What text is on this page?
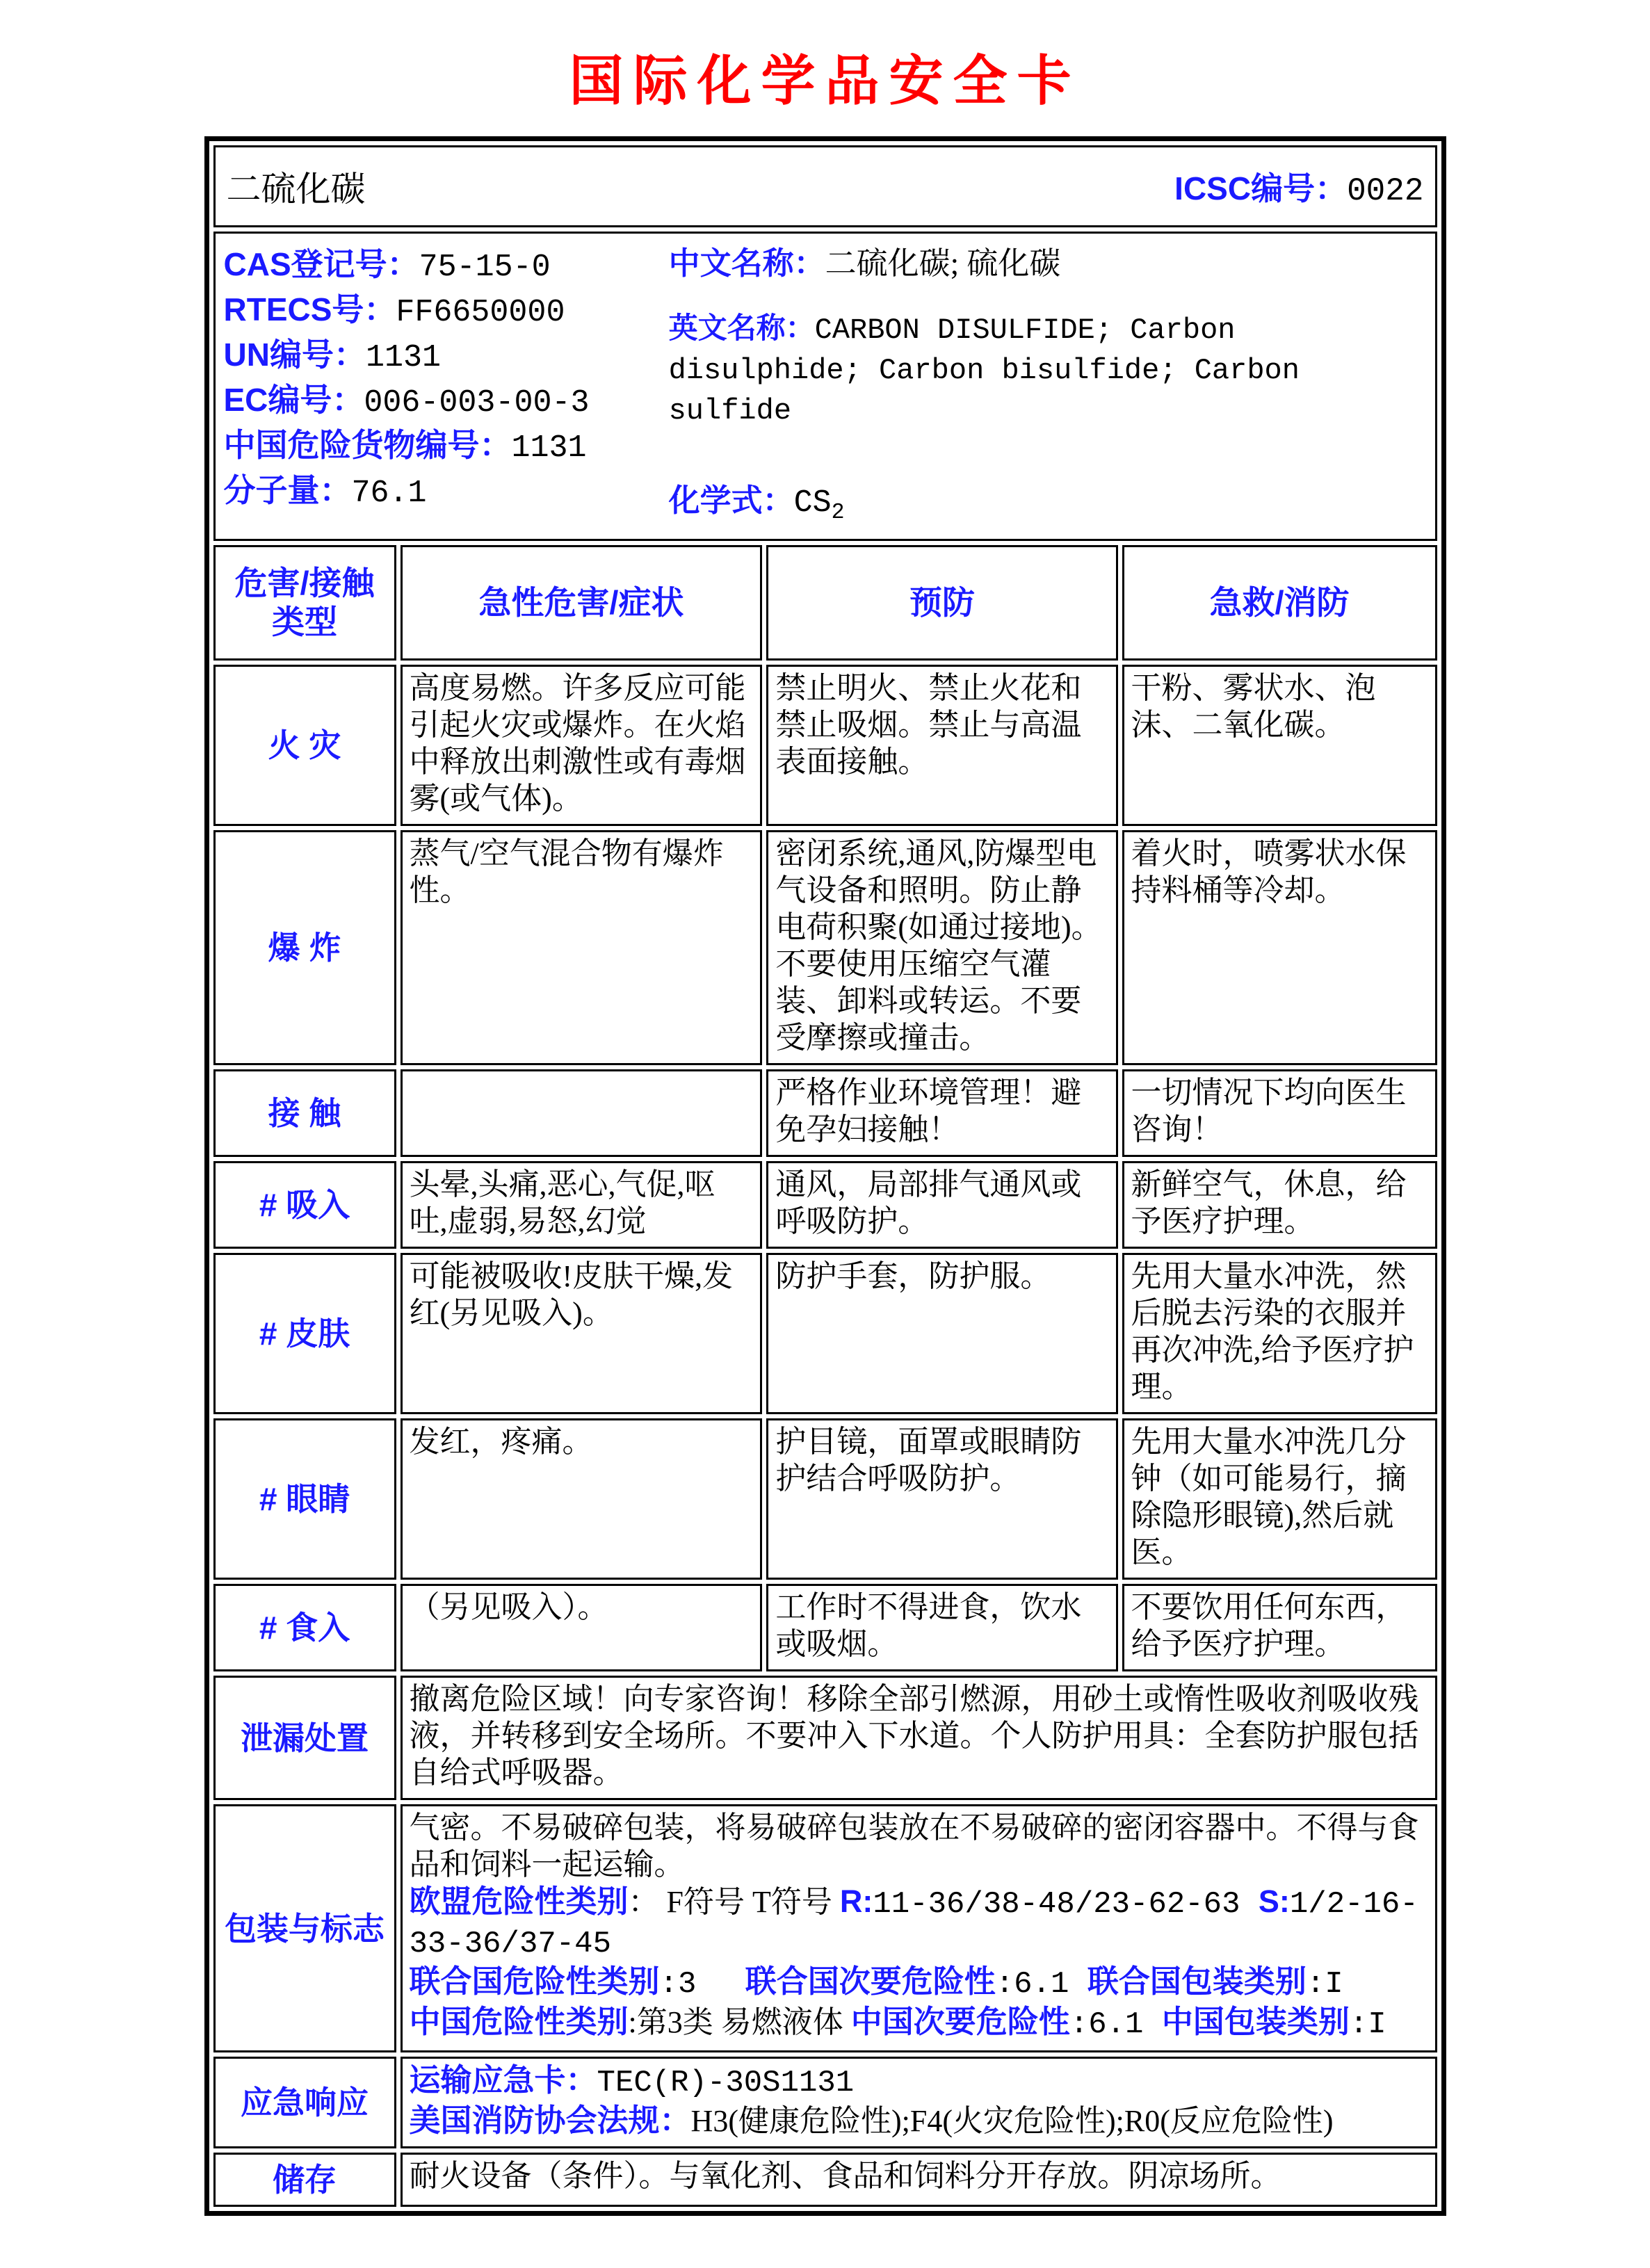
国际化学品安全卡
二硫化碳 ICSC编号：0022			

CAS登记号：75-15-0
RTECS号：FF6650000
UN编号：1131
EC编号：006-003-00-3
中国危险货物编号：1131
分子量：76.1
中文名称：二硫化碳; 硫化碳
英文名称：CARBON DISULFIDE; Carbon disulphide; Carbon bisulfide; Carbon sulfide
化学式：$CS_2$

危害/接触 类型	急性危害/症状	预防	急救/消防
火 灾	高度易燃。许多反应可能引起火灾或爆炸。在火焰中释放出刺激性或有毒烟雾(或气体)。	禁止明火、禁止火花和禁止吸烟。禁止与高温表面接触。	干粉、雾状水、泡沫、二氧化碳。
爆 炸	蒸气/空气混合物有爆炸性。	密闭系统,通风,防爆型电气设备和照明。防止静电荷积聚(如通过接地)。不要使用压缩空气灌装、卸料或转运。不要受摩擦或撞击。	着火时，喷雾状水保持料桶等冷却。
接 触		严格作业环境管理！避免孕妇接触！	一切情况下均向医生咨询！
# 吸入	头晕,头痛,恶心,气促,呕吐,虚弱,易怒,幻觉	通风，局部排气通风或呼吸防护。	新鲜空气，休息，给予医疗护理。
# 皮肤	可能被吸收!皮肤干燥,发红(另见吸入)。	防护手套，防护服。	先用大量水冲洗，然后脱去污染的衣服并再次冲洗,给予医疗护理。
# 眼睛	发红，疼痛。	护目镜，面罩或眼睛防护结合呼吸防护。	先用大量水冲洗几分钟（如可能易行，摘除隐形眼镜),然后就医。
# 食入	（另见吸入）。	工作时不得进食，饮水或吸烟。	不要饮用任何东西，给予医疗护理。
泄漏处置	撤离危险区域！向专家咨询！移除全部引燃源，用砂土或惰性吸收剂吸收残液，并转移到安全场所。不要冲入下水道。个人防护用具：全套防护服包括自给式呼吸器。		

包装与标志	气密。不易破碎包装，将易破碎包装放在不易破碎的密闭容器中。不得与食品和饲料一起运输。
欧盟危险性类别： F符号 T符号 R:11-36/38-48/23-62-63 S:1/2-16-33-36/37-45
联合国危险性类别:3　 联合国次要危险性:6.1 联合国包装类别:I
中国危险性类别:第3类 易燃液体 中国次要危险性:6.1 中国包装类别:I		

应急响应	运输应急卡：TEC(R)-30S1131
美国消防协会法规：H3(健康危险性);F4(火灾危险性);R0(反应危险性)		

储存	耐火设备（条件）。与氧化剂、食品和饲料分开存放。阴凉场所。		
